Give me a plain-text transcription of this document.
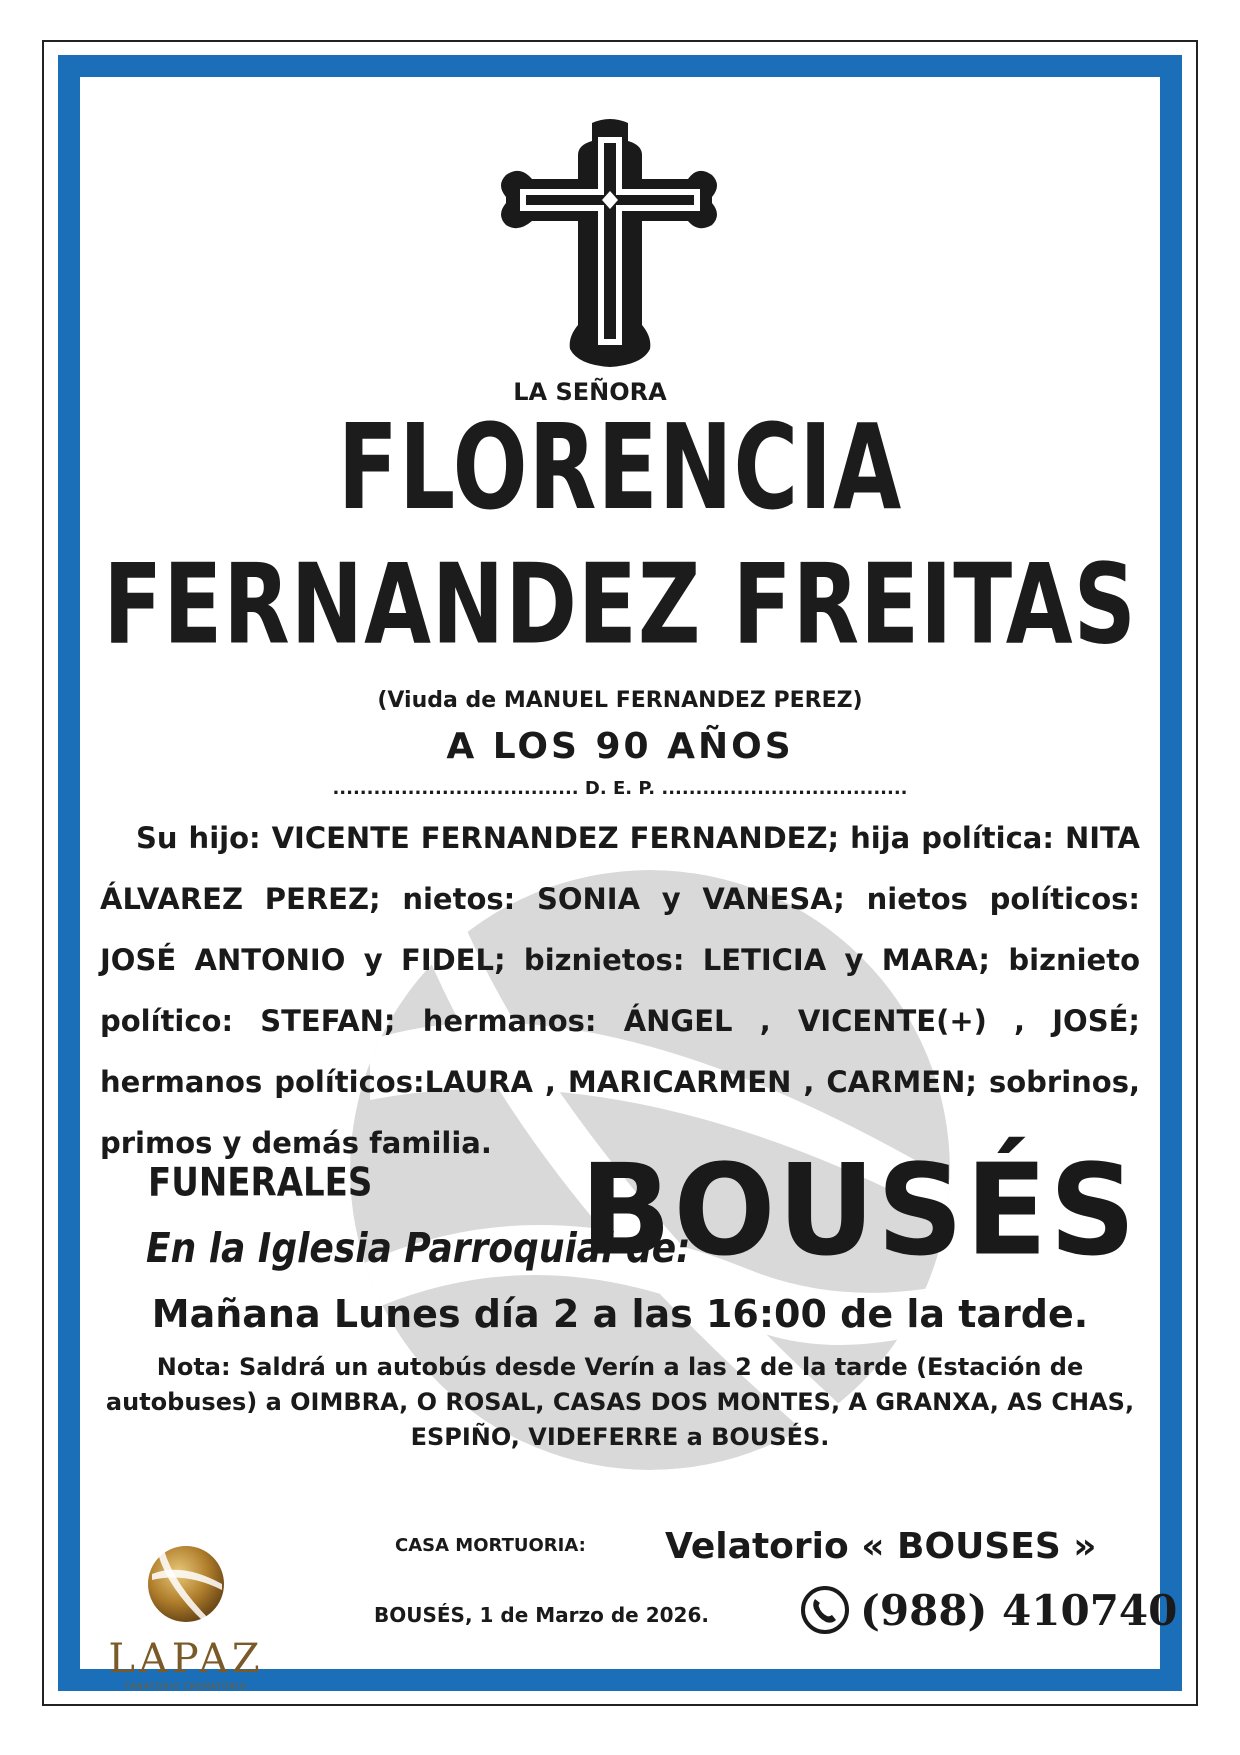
LA SEÑORA
FLORENCIA
FERNANDEZ FREITAS
(Viuda de MANUEL FERNANDEZ PEREZ)
A LOS 90 AÑOS
.................................... D. E. P. ....................................
Su hijo: VICENTE FERNANDEZ FERNANDEZ; hija política: NITA ÁLVAREZ PEREZ; nietos: SONIA y VANESA; nietos políticos: JOSÉ ANTONIO y FIDEL; biznietos: LETICIA y MARA; biznieto político: STEFAN; hermanos: ÁNGEL , VICENTE(+) , JOSÉ; hermanos políticos:LAURA , MARICARMEN , CARMEN; sobrinos, primos y demás familia.
FUNERALES
En la Iglesia Parroquial de:
BOUSÉS
Mañana Lunes día 2 a las 16:00 de la tarde.
Nota: Saldrá un autobús desde Verín a las 2 de la tarde (Estación de autobuses) a OIMBRA, O ROSAL, CASAS DOS MONTES, A GRANXA, AS CHAS, ESPIÑO, VIDEFERRE a BOUSÉS.
CASA MORTUORIA: Velatorio « BOUSES »
BOUSÉS, 1 de Marzo de 2026.	(988) 410740
LAPAZ
TANATORIO CREMATORIO
